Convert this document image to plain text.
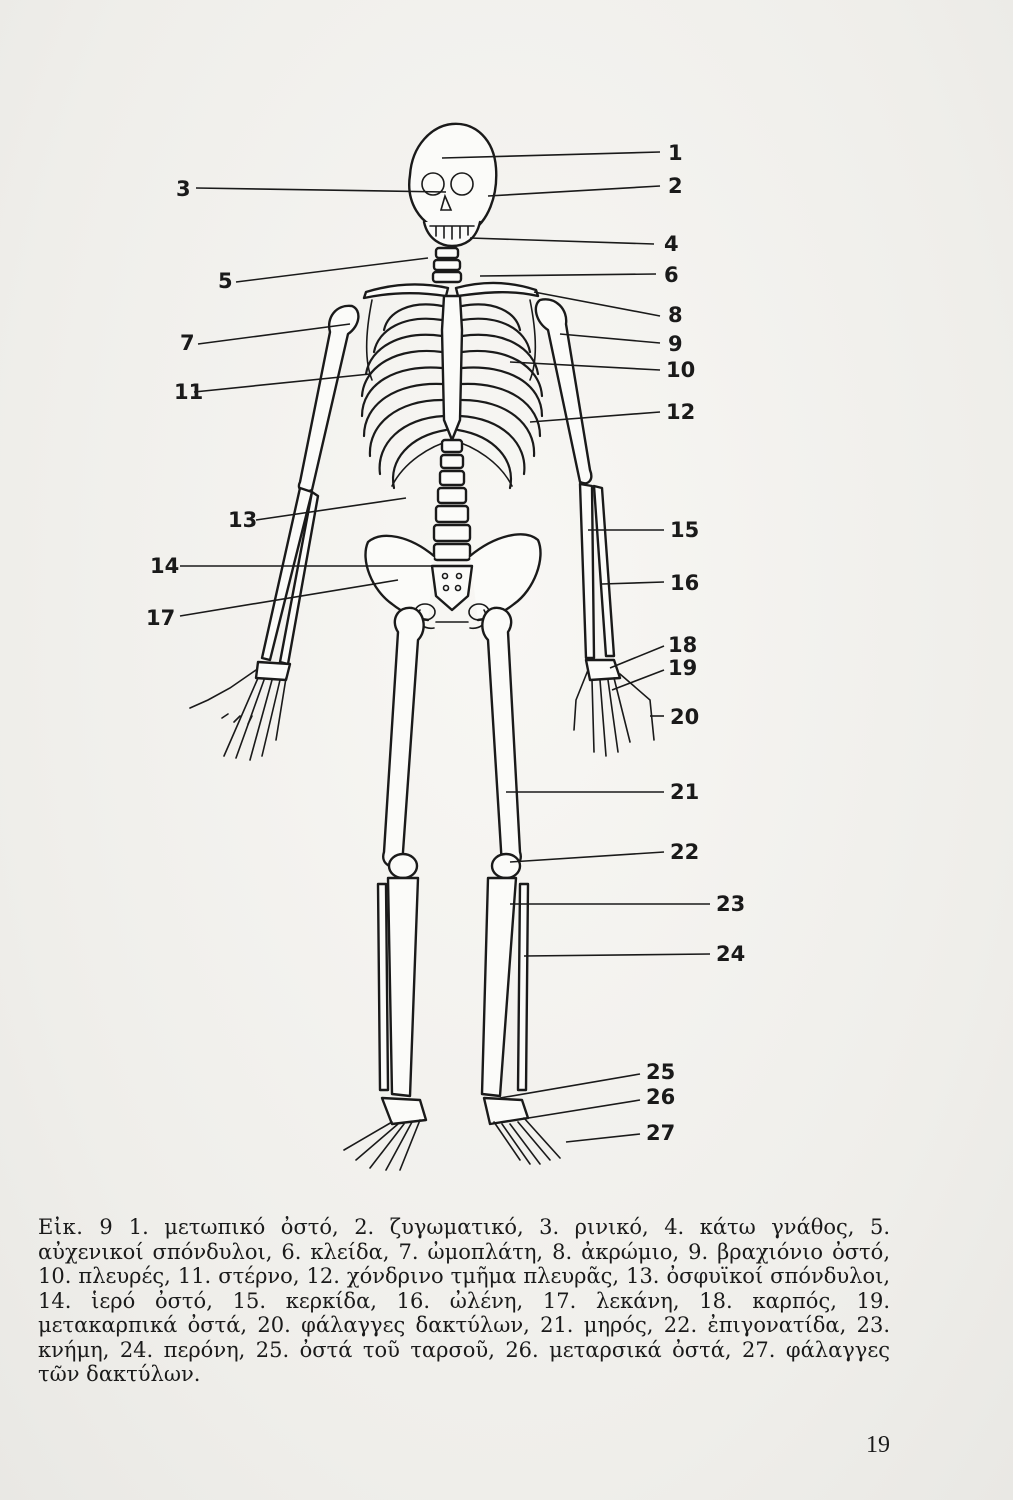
1
2
3
4
5	6
7
8
9
10
11
12
13
14
15
16
17
18
19
20
21
22
23
24
25
26
27
Εἰκ. 9 1. μετωπικό ὀστό, 2. ζυγωματικό, 3. ρινικό, 4. κάτω γνάθος, 5. αὐχενικοί σπόνδυλοι, 6. κλείδα, 7. ὠμοπλάτη, 8. ἀκρώμιο, 9. βραχιόνιο ὀστό, 10. πλευρές, 11. στέρνο, 12. χόνδρινο τμῆμα πλευρᾶς, 13. ὀσφυϊκοί σπόνδυλοι, 14. ἱερό ὀστό, 15. κερκίδα, 16. ὠλένη, 17. λεκάνη, 18. καρπός, 19. μετακαρπικά ὀστά, 20. φάλαγγες δακτύλων, 21. μηρός, 22. ἐπιγονατίδα, 23. κνήμη, 24. περόνη, 25. ὀστά τοῦ ταρσοῦ, 26. μεταρσικά ὀστά, 27. φάλαγγες τῶν δακτύλων.
19
